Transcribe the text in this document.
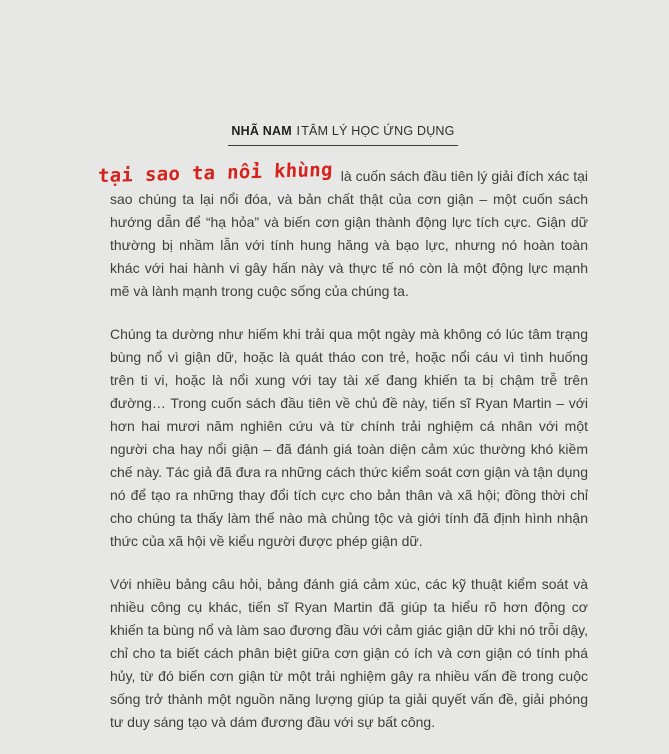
NHÃ NAM ITÂM LÝ HỌC ỨNG DỤNG

tại sao ta nổi khùng là cuốn sách đầu tiên lý giải đích xác tại sao chúng ta lại nổi đóa, và bản chất thật của cơn giận – một cuốn sách hướng dẫn để “hạ hỏa” và biến cơn giận thành động lực tích cực. Giận dữ thường bị nhầm lẫn với tính hung hăng và bạo lực, nhưng nó hoàn toàn khác với hai hành vi gây hấn này và thực tế nó còn là một động lực mạnh mẽ và lành mạnh trong cuộc sống của chúng ta.

Chúng ta dường như hiếm khi trải qua một ngày mà không có lúc tâm trạng bùng nổ vì giận dữ, hoặc là quát tháo con trẻ, hoặc nổi cáu vì tình huống trên ti vi, hoặc là nổi xung với tay tài xế đang khiến ta bị chậm trễ trên đường… Trong cuốn sách đầu tiên về chủ đề này, tiến sĩ Ryan Martin – với hơn hai mươi năm nghiên cứu và từ chính trải nghiệm cá nhân với một người cha hay nổi giận – đã đánh giá toàn diện cảm xúc thường khó kiềm chế này. Tác giả đã đưa ra những cách thức kiểm soát cơn giận và tận dụng nó để tạo ra những thay đổi tích cực cho bản thân và xã hội; đồng thời chỉ cho chúng ta thấy làm thế nào mà chủng tộc và giới tính đã định hình nhận thức của xã hội về kiểu người được phép giận dữ.

Với nhiều bảng câu hỏi, bảng đánh giá cảm xúc, các kỹ thuật kiểm soát và nhiều công cụ khác, tiến sĩ Ryan Martin đã giúp ta hiểu rõ hơn động cơ khiến ta bùng nổ và làm sao đương đầu với cảm giác giận dữ khi nó trỗi dậy, chỉ cho ta biết cách phân biệt giữa cơn giận có ích và cơn giận có tính phá hủy, từ đó biến cơn giận từ một trải nghiệm gây ra nhiều vấn đề trong cuộc sống trở thành một nguồn năng lượng giúp ta giải quyết vấn đề, giải phóng tư duy sáng tạo và dám đương đầu với sự bất công.
